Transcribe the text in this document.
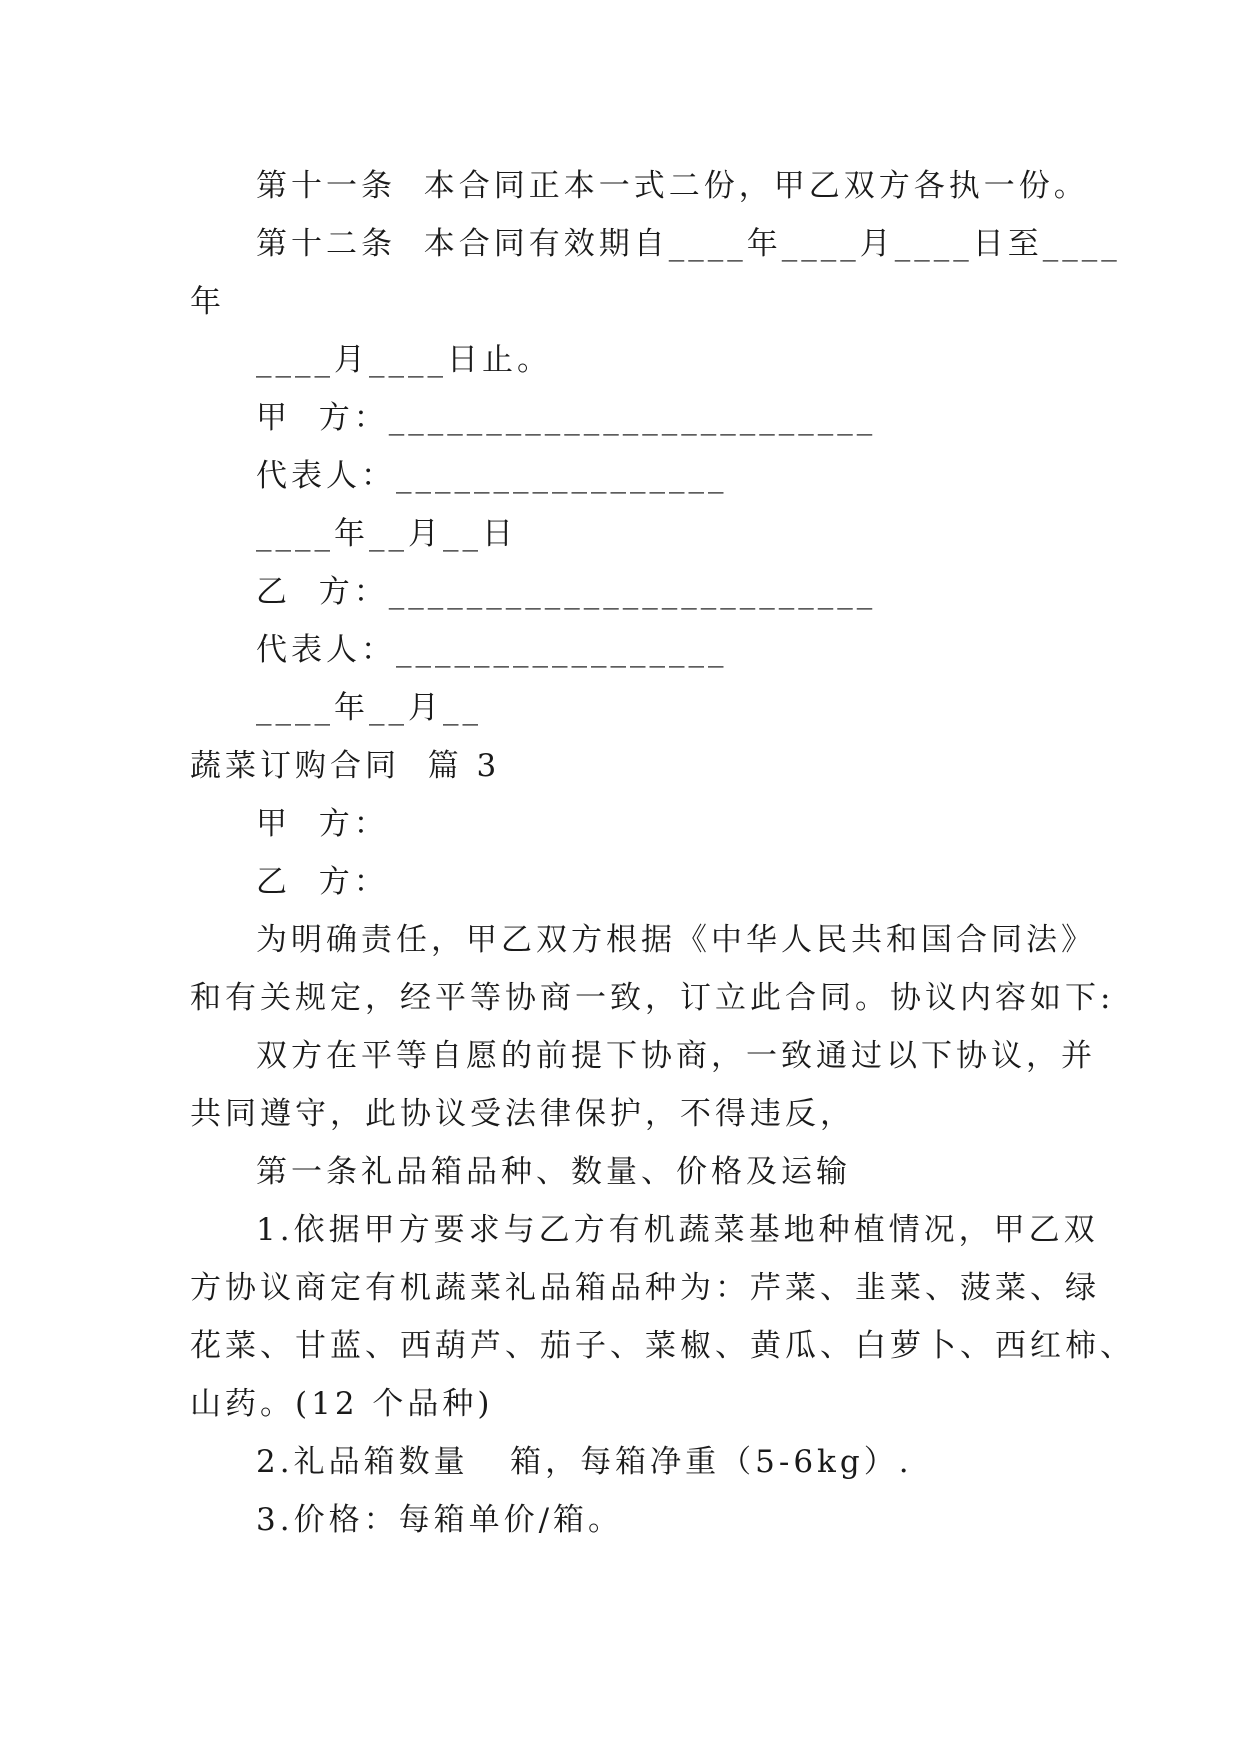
第十一条  本合同正本一式二份，甲乙双方各执一份。
第十二条  本合同有效期自____年____月____日至____
年
____月____日止。
甲  方：_________________________
代表人：_________________
____年__月__日
乙  方：_________________________
代表人：_________________
____年__月__
蔬菜订购合同  篇 3
甲  方：
乙  方：
为明确责任，甲乙双方根据《中华人民共和国合同法》
和有关规定，经平等协商一致，订立此合同。协议内容如下:
双方在平等自愿的前提下协商，一致通过以下协议，并
共同遵守，此协议受法律保护，不得违反，
第一条礼品箱品种、数量、价格及运输
1.依据甲方要求与乙方有机蔬菜基地种植情况，甲乙双
方协议商定有机蔬菜礼品箱品种为：芹菜、韭菜、菠菜、绿
花菜、甘蓝、西葫芦、茄子、菜椒、黄瓜、白萝卜、西红柿、
山药。(12 个品种)
2.礼品箱数量   箱，每箱净重（5-6kg）.
3.价格：每箱单价/箱。
